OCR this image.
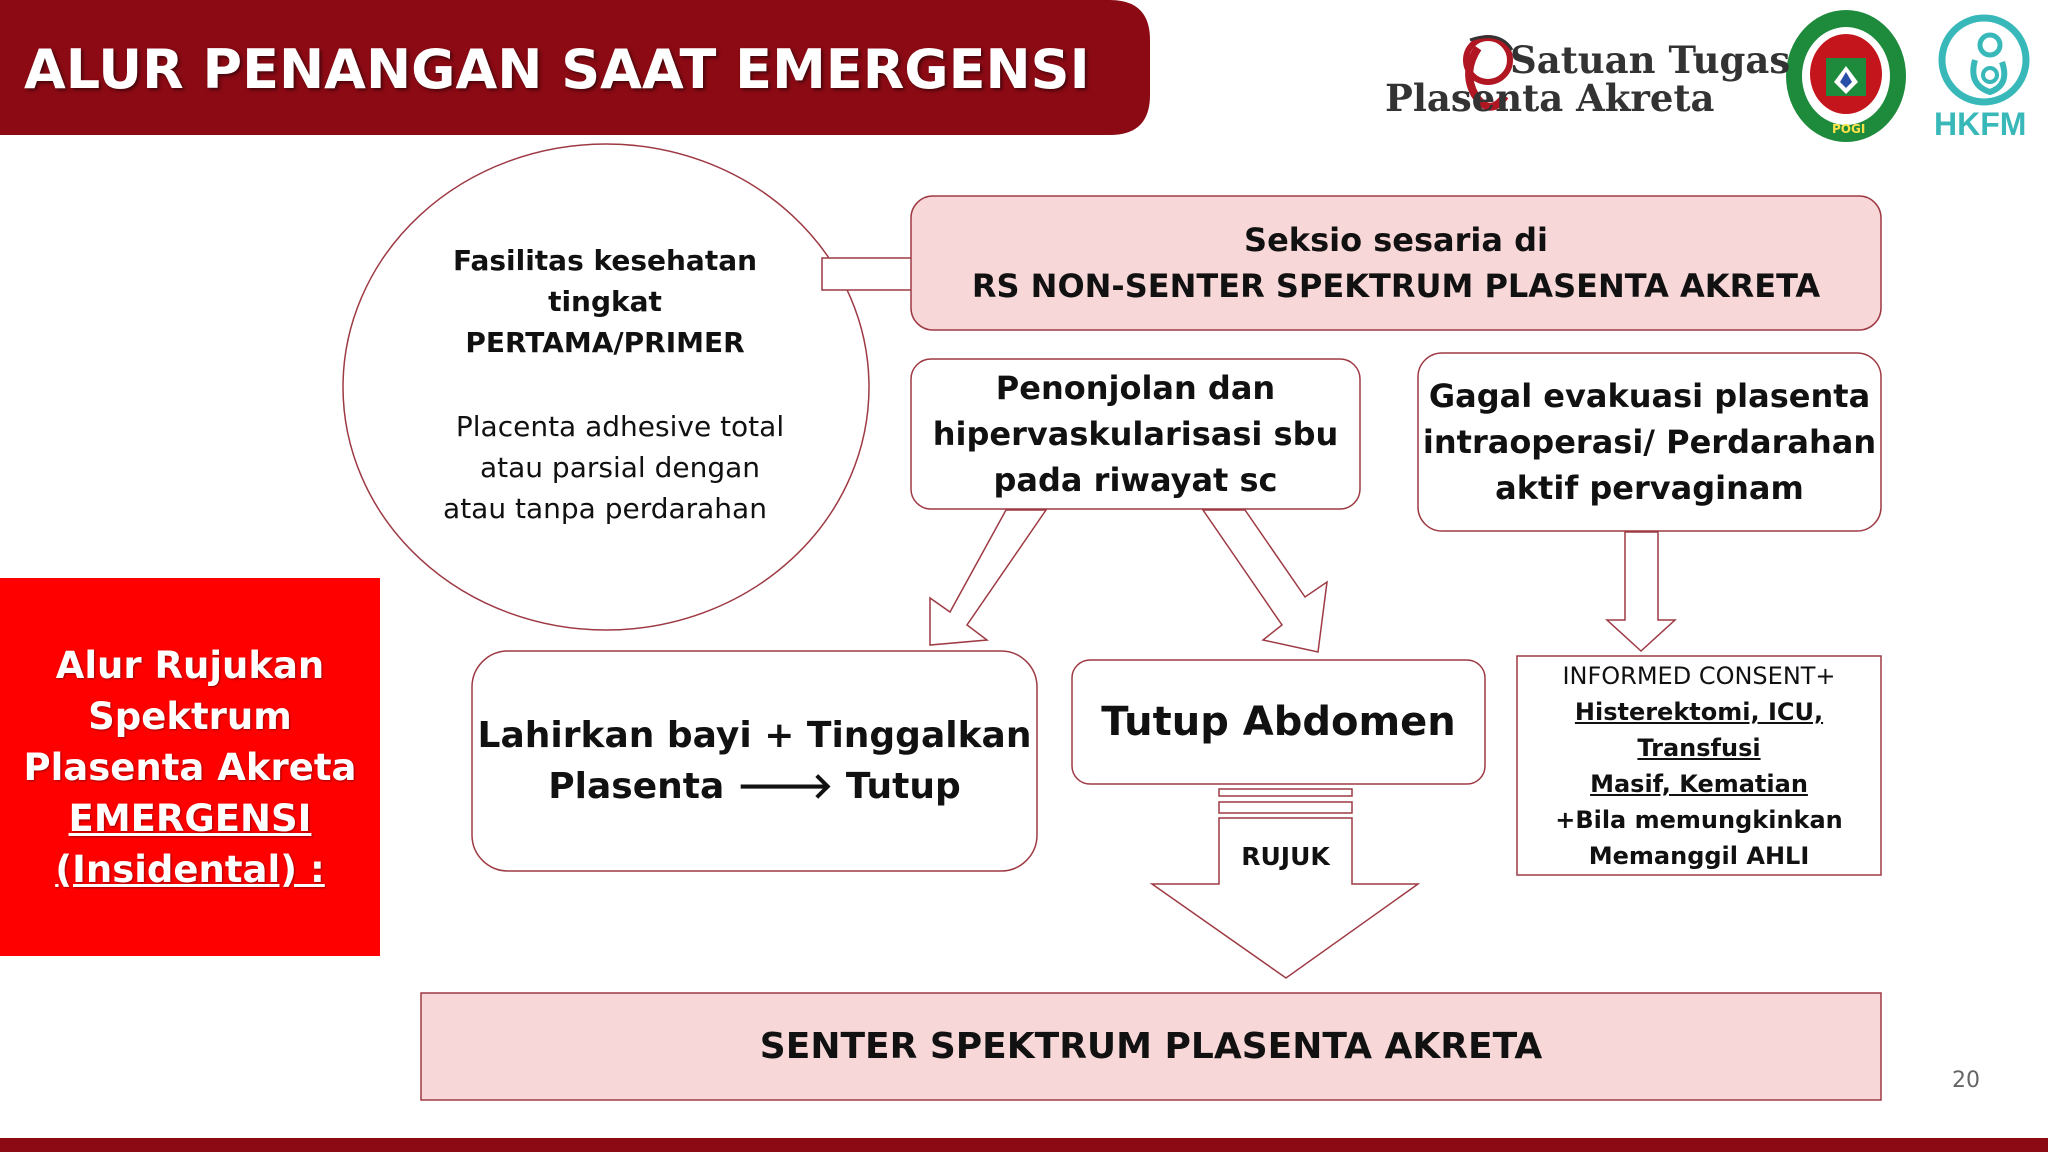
ALUR PENANGAN SAAT EMERGENSI	Satuan Tugas
Plasenta Akreta
POGI HKFM
Alur Rujukan
Spektrum
Plasenta Akreta
EMERGENSI
(Insidental) :
Fasilitas kesehatan
tingkat
PERTAMA/PRIMER
Placenta adhesive total
atau parsial dengan
atau tanpa perdarahan
Seksio sesaria di
RS NON-SENTER SPEKTRUM PLASENTA AKRETA
Penonjolan dan
hipervaskularisasi sbu
pada riwayat sc
Gagal evakuasi plasenta
intraoperasi/ Perdarahan
aktif pervaginam
Lahirkan bayi + Tinggalkan
Plasenta 🡒 Tutup
Tutup Abdomen
INFORMED CONSENT+
Histerektomi, ICU, Transfusi
Masif, Kematian
+Bila memungkinkan
Memanggil AHLI
RUJUK
SENTER SPEKTRUM PLASENTA AKRETA
20
